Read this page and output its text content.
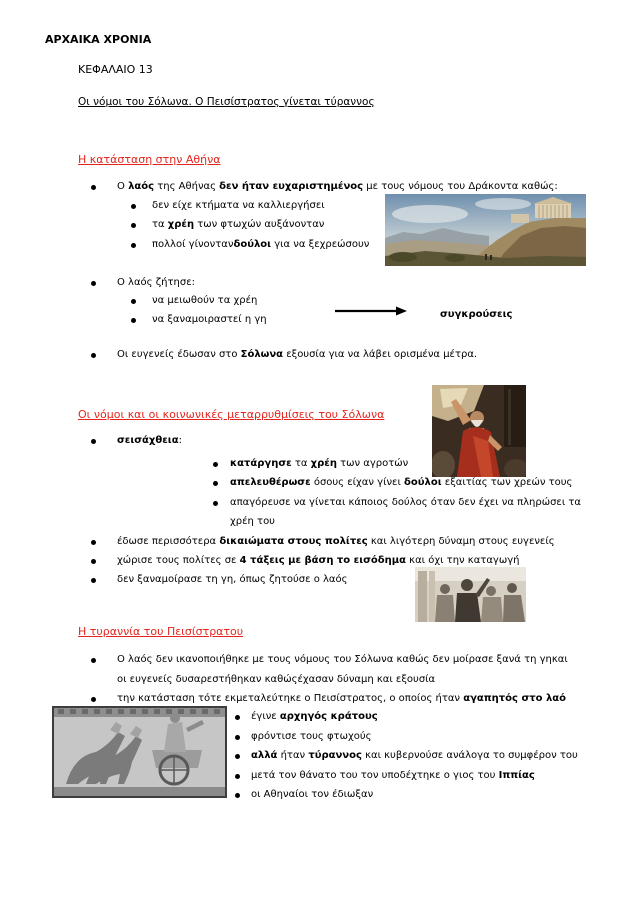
ΑΡΧΑΙΚΑ ΧΡΟΝΙΑ
ΚΕΦΑΛΑΙΟ 13
Οι νόμοι του Σόλωνα. Ο Πεισίστρατος γίνεται τύραννος
Η κατάσταση στην Αθήνα
Ο λαός της Αθήνας δεν ήταν ευχαριστημένος με τους νόμους του Δράκοντα καθώς:
δεν είχε κτήματα να καλλιεργήσει
τα χρέη των φτωχών αυξάνονταν
πολλοί γίνοντανδούλοι για να ξεχρεώσουν
Ο λαός ζήτησε:
να μειωθούν τα χρέη
να ξαναμοιραστεί η γη
Οι ευγενείς έδωσαν στο Σόλωνα εξουσία για να λάβει ορισμένα μέτρα.
συγκρούσεις
Οι νόμοι και οι κοινωνικές μεταρρυθμίσεις του Σόλωνα
σεισάχθεια:
κατάργησε τα χρέη των αγροτών
απελευθέρωσε όσους είχαν γίνει δούλοι εξαιτίας των χρεών τους
απαγόρευσε να γίνεται κάποιος δούλος όταν δεν έχει να πληρώσει τα
χρέη του
έδωσε περισσότερα δικαιώματα στους πολίτες και λιγότερη δύναμη στους ευγενείς
χώρισε τους πολίτες σε 4 τάξεις με βάση το εισόδημα και όχι την καταγωγή
δεν ξαναμοίρασε τη γη, όπως ζητούσε ο λαός
Η τυραννία του Πεισίστρατου
Ο λαός δεν ικανοποιήθηκε με τους νόμους του Σόλωνα καθώς δεν μοίρασε ξανά τη γηκαι
οι ευγενείς δυσαρεστήθηκαν καθώςέχασαν δύναμη και εξουσία
την κατάσταση τότε εκμεταλεύτηκε ο Πεισίστρατος, ο οποίος ήταν αγαπητός στο λαό
έγινε αρχηγός κράτους
φρόντισε τους φτωχούς
αλλά ήταν τύραννος και κυβερνούσε ανάλογα το συμφέρον του
μετά τον θάνατο του τον υποδέχτηκε ο γιος του Ιππίας
οι Αθηναίοι τον έδιωξαν
